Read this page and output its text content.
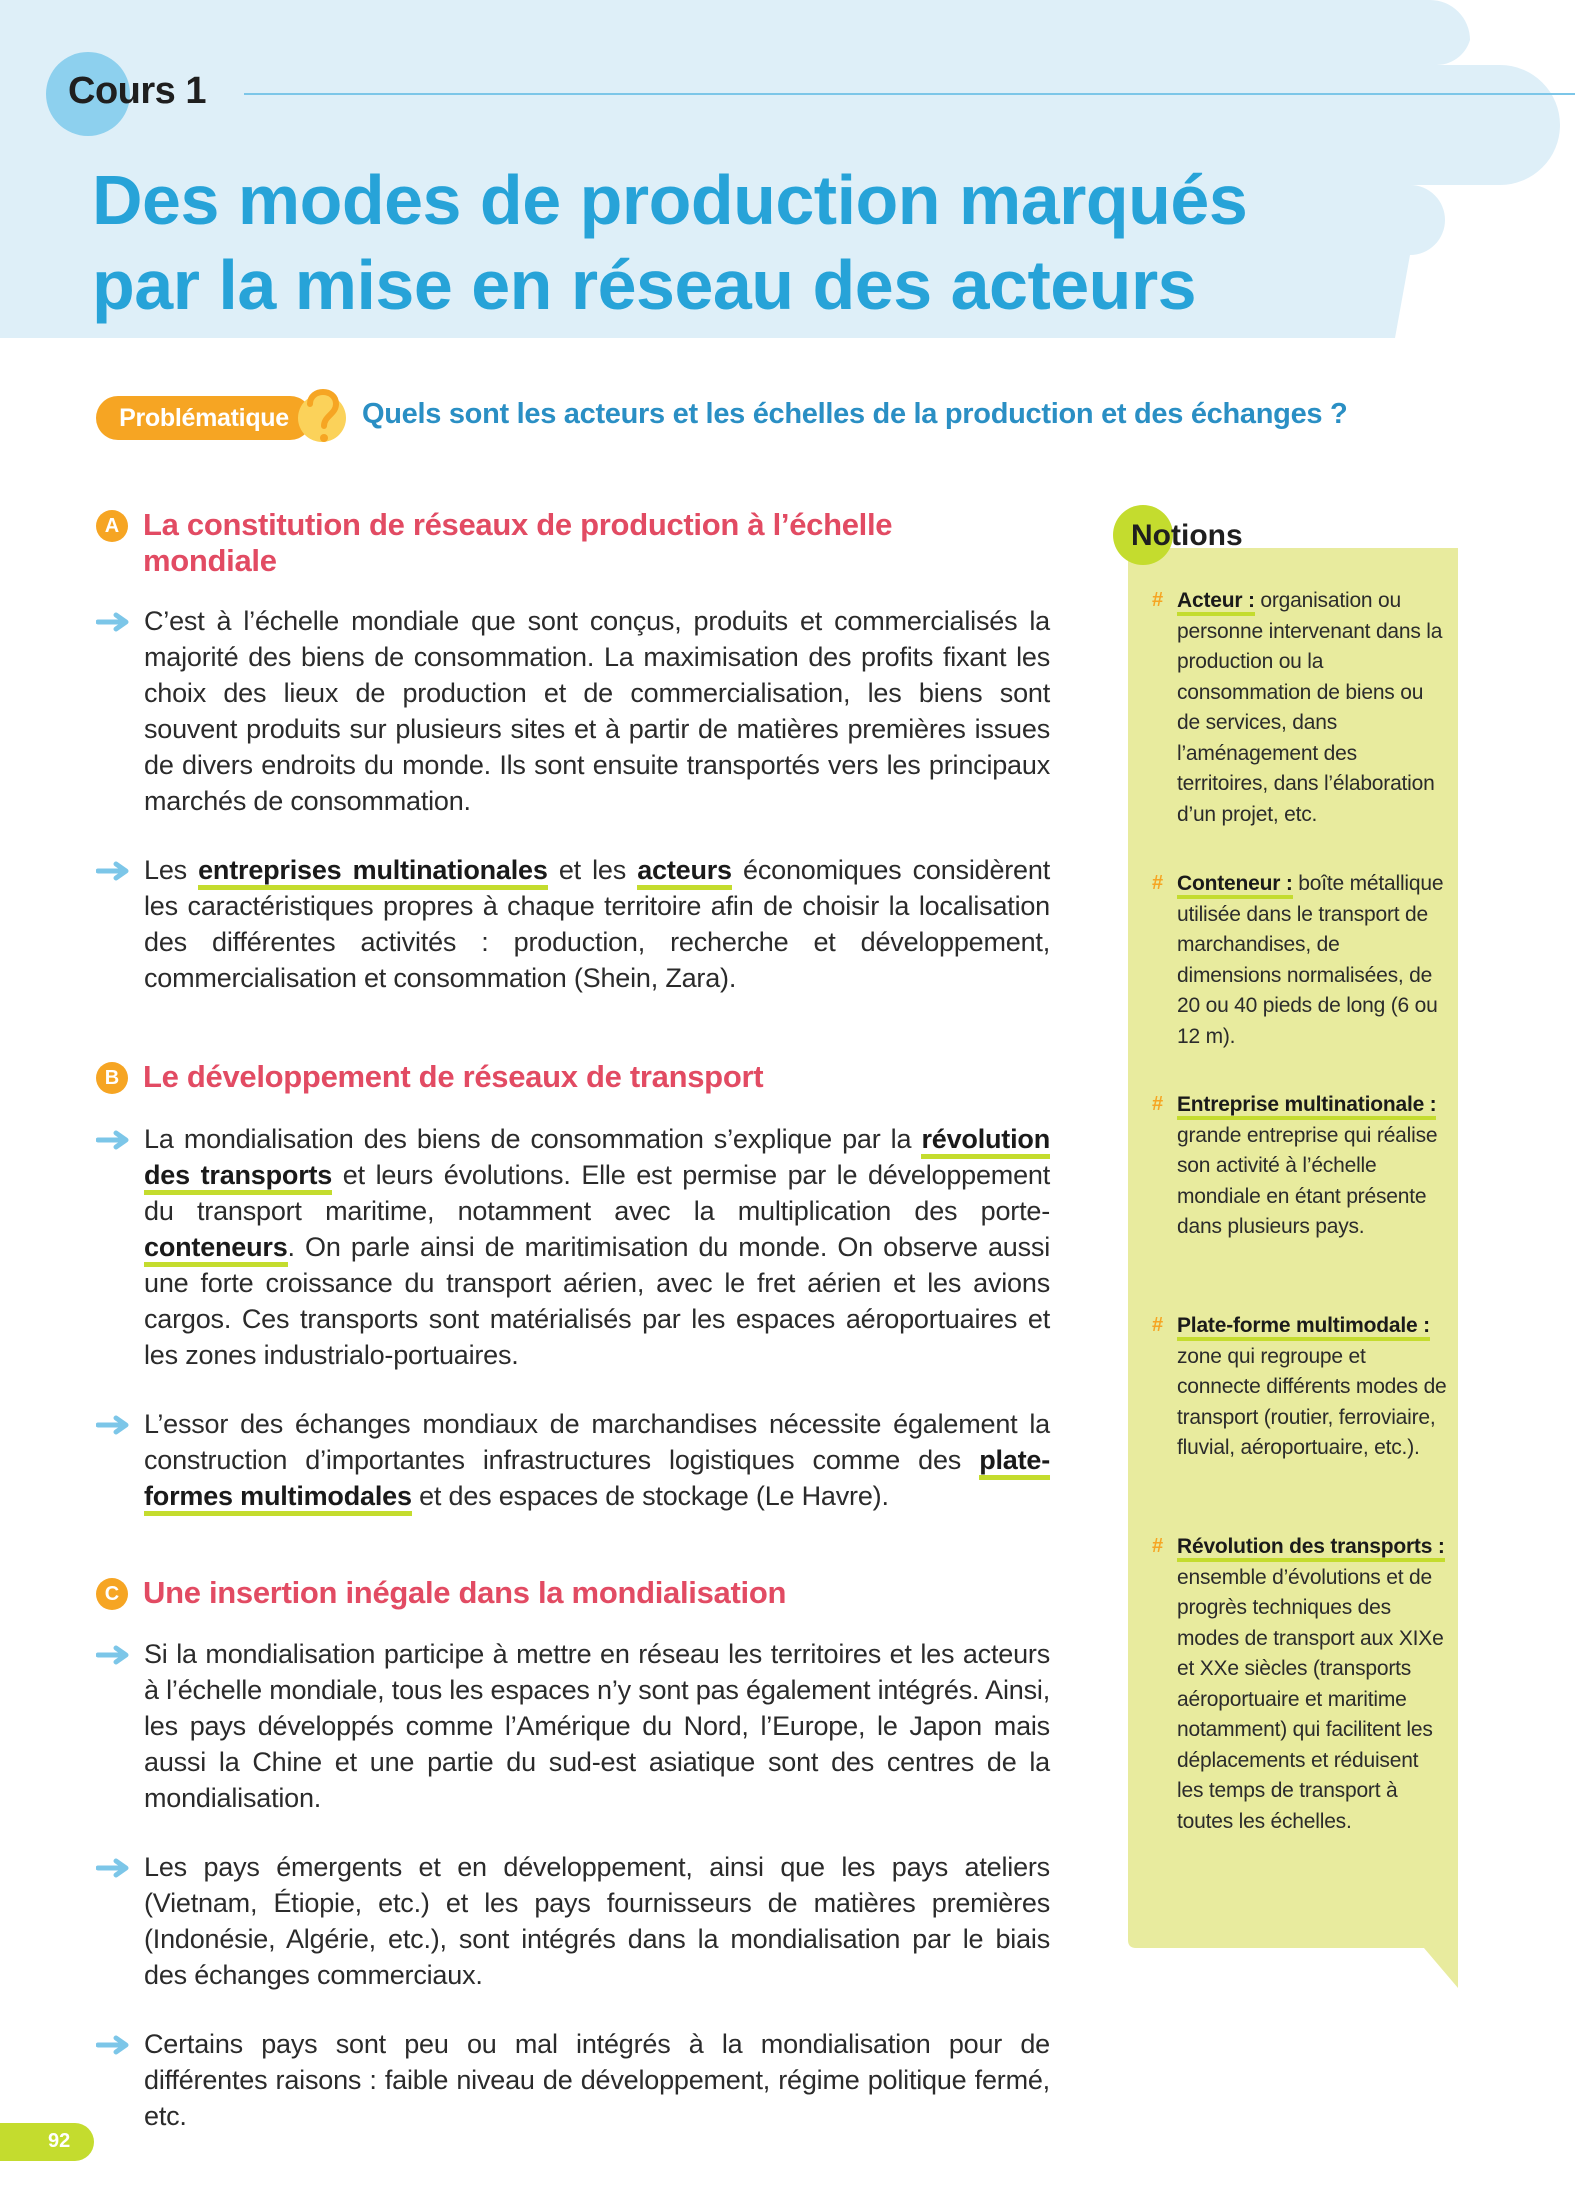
Cours 1
Des modes de production marqués
par la mise en réseau des acteurs
Problématique	Quels sont les acteurs et les échelles de la production et des échanges ?
A La constitution de réseaux de production à l’échelle
mondiale

C’est à l’échelle mondiale que sont conçus, produits et commercialisés la majorité des biens de consommation. La maximisation des profits fixant les choix des lieux de production et de commercialisation, les biens sont souvent produits sur plusieurs sites et à partir de matières premières issues de divers endroits du monde. Ils sont ensuite transportés vers les principaux marchés de consommation.

Les entreprises multinationales et les acteurs économiques considèrent les caractéristiques propres à chaque territoire afin de choisir la localisation des différentes activités : production, recherche et développement, commercialisation et consommation (Shein, Zara).

B Le développement de réseaux de transport

La mondialisation des biens de consommation s’explique par la révolution des transports et leurs évolutions. Elle est permise par le développement du transport maritime, notamment avec la multiplication des porte-conteneurs. On parle ainsi de maritimisation du monde. On observe aussi une forte croissance du transport aérien, avec le fret aérien et les avions cargos. Ces transports sont matérialisés par les espaces aéroportuaires et les zones industrialo-portuaires.

L’essor des échanges mondiaux de marchandises nécessite également la construction d’importantes infrastructures logistiques comme des plate-formes multimodales et des espaces de stockage (Le Havre).

C Une insertion inégale dans la mondialisation

Si la mondialisation participe à mettre en réseau les territoires et les acteurs à l’échelle mondiale, tous les espaces n’y sont pas également intégrés. Ainsi, les pays développés comme l’Amérique du Nord, l’Europe, le Japon mais aussi la Chine et une partie du sud-est asiatique sont des centres de la mondialisation.

Les pays émergents et en développement, ainsi que les pays ateliers (Vietnam, Étiopie, etc.) et les pays fournisseurs de matières premières (Indonésie, Algérie, etc.), sont intégrés dans la mondialisation par le biais des échanges commerciaux.

Certains pays sont peu ou mal intégrés à la mondialisation pour de différentes raisons : faible niveau de développement, régime politique fermé, etc.

Notions
# Acteur : organisation ou personne intervenant dans la production ou la consommation de biens ou de services, dans l’aménagement des territoires, dans l’élaboration d’un projet, etc.

# Conteneur : boîte métallique utilisée dans le transport de marchandises, de dimensions normalisées, de 20 ou 40 pieds de long (6 ou 12 m).

# Entreprise multinationale : grande entreprise qui réalise son activité à l’échelle mondiale en étant présente dans plusieurs pays.

# Plate-forme multimodale : zone qui regroupe et connecte différents modes de transport (routier, ferroviaire, fluvial, aéroportuaire, etc.).

# Révolution des transports : ensemble d’évolutions et de progrès techniques des modes de transport aux XIXe et XXe siècles (transports aéroportuaire et maritime notamment) qui facilitent les déplacements et réduisent les temps de transport à toutes les échelles.

92
